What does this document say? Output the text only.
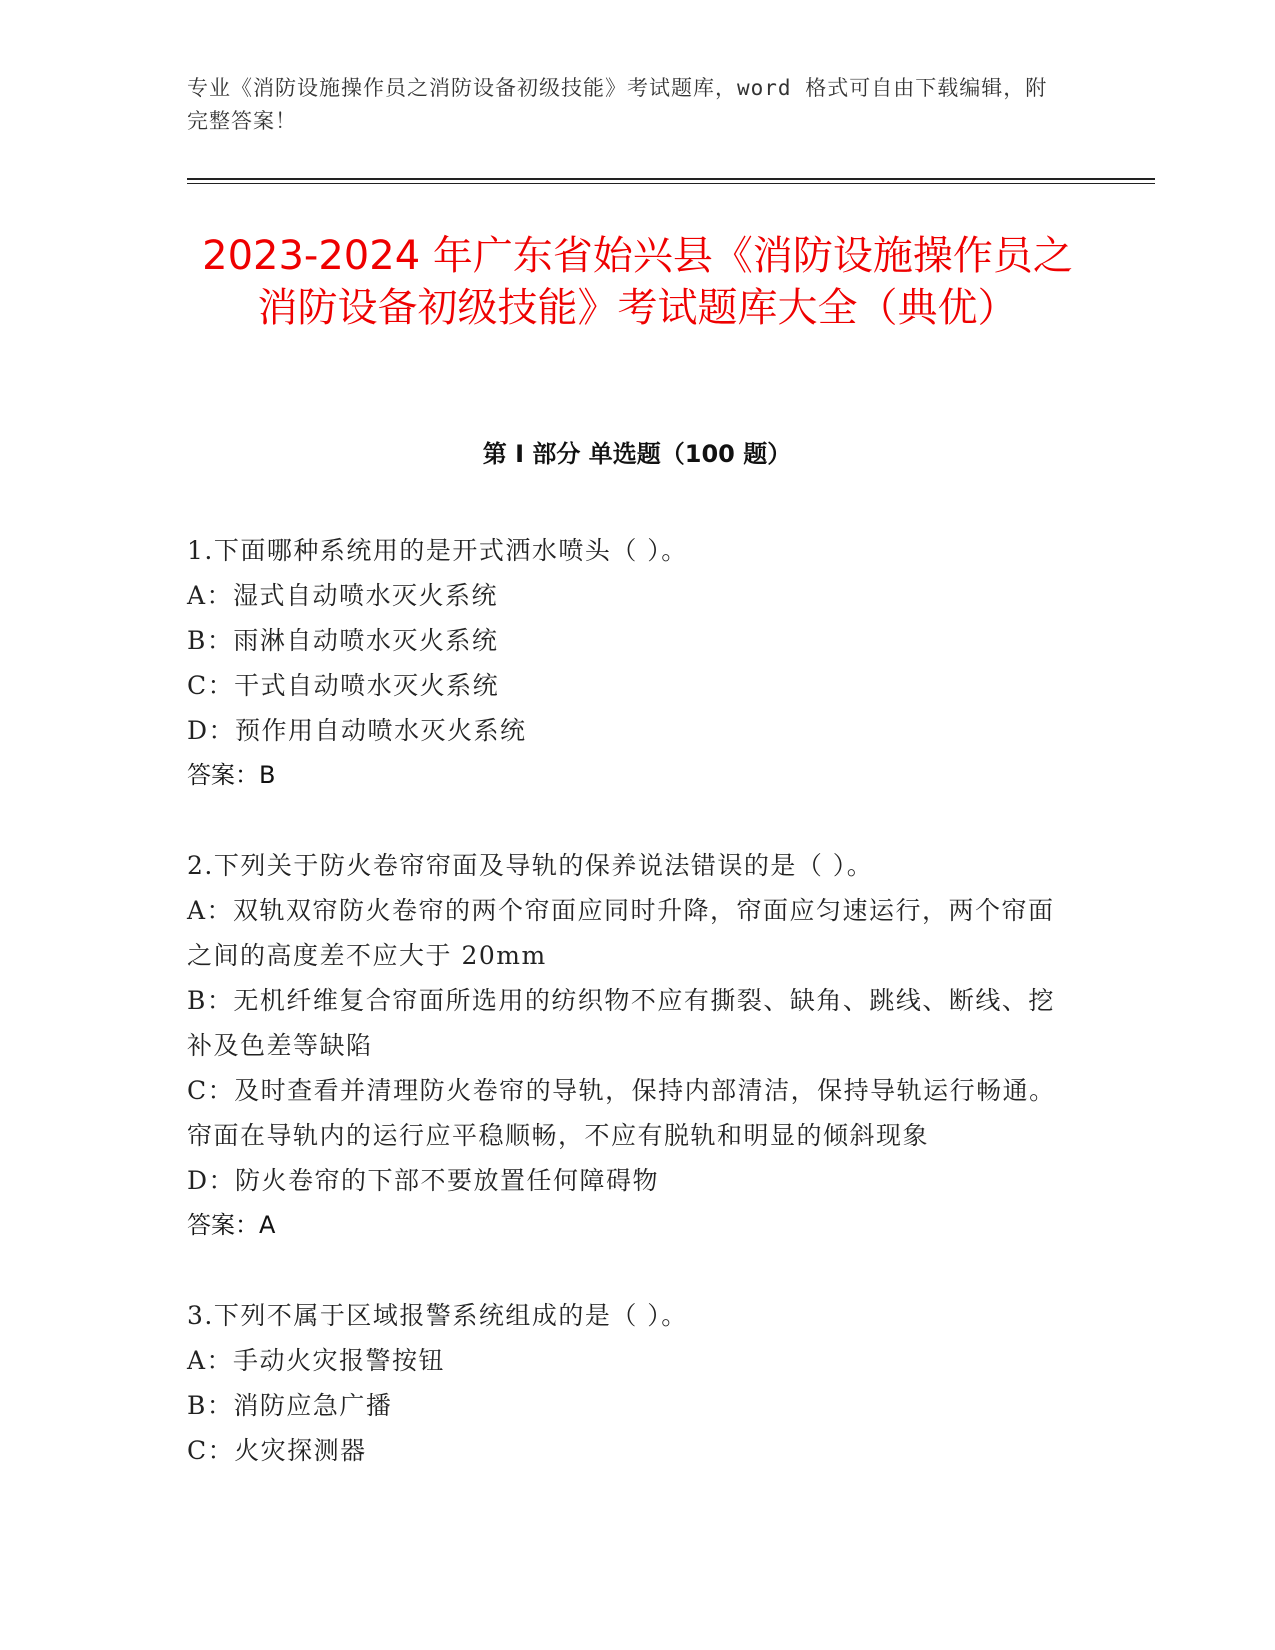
专业《消防设施操作员之消防设备初级技能》考试题库，word 格式可自由下载编辑，附完整答案！
2023-2024 年广东省始兴县《消防设施操作员之消防设备初级技能》考试题库大全（典优）
第 I 部分 单选题（100 题）

1.下面哪种系统用的是开式洒水喷头（ ）。

A：湿式自动喷水灭火系统

B：雨淋自动喷水灭火系统

C：干式自动喷水灭火系统

D：预作用自动喷水灭火系统

答案：B

2.下列关于防火卷帘帘面及导轨的保养说法错误的是（ ）。

A：双轨双帘防火卷帘的两个帘面应同时升降，帘面应匀速运行，两个帘面之间的高度差不应大于 20mm

B：无机纤维复合帘面所选用的纺织物不应有撕裂、缺角、跳线、断线、挖补及色差等缺陷

C：及时查看并清理防火卷帘的导轨，保持内部清洁，保持导轨运行畅通。帘面在导轨内的运行应平稳顺畅，不应有脱轨和明显的倾斜现象

D：防火卷帘的下部不要放置任何障碍物

答案：A

3.下列不属于区域报警系统组成的是（ ）。

A：手动火灾报警按钮

B：消防应急广播

C：火灾探测器
